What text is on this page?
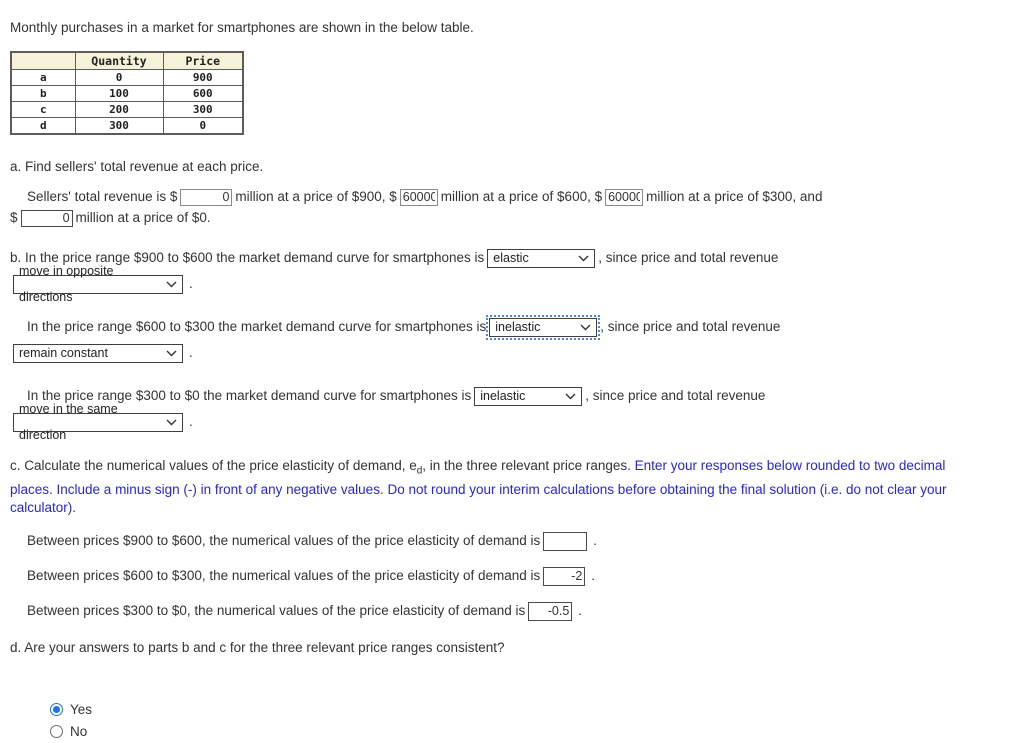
Monthly purchases in a market for smartphones are shown in the below table.
	Quantity	Price
a	0	900
b	100	600
c	200	300
d	300	0
a. Find sellers' total revenue at each price.
Sellers' total revenue is $0	million at a price of $900, $60000	million at a price of $600, $60000	million at a price of $300, and
$0	million at a price of $0.
b. In the price range $900 to $600 the market demand curve for smartphones is elastic	, since price and total revenue

move in opposite directions
.
In the price range $600 to $300 the market demand curve for smartphones is inelastic	, since price and total revenue

remain constant	.
In the price range $300 to $0 the market demand curve for smartphones is inelastic	, since price and total revenue

move in the same direction
.
c. Calculate the numerical values of the price elasticity of demand, $e_d$, in the three relevant price ranges. Enter your responses below rounded to two decimal places. Include a minus sign (-) in front of any negative values. Do not round your interim calculations before obtaining the final solution (i.e. do not clear your calculator).
Between prices $900 to $600, the numerical values of the price elasticity of demand is	.
Between prices $600 to $300, the numerical values of the price elasticity of demand is-2	.
Between prices $300 to $0, the numerical values of the price elasticity of demand is-0.5	.
d. Are your answers to parts b and c for the three relevant price ranges consistent?
Yes
No
